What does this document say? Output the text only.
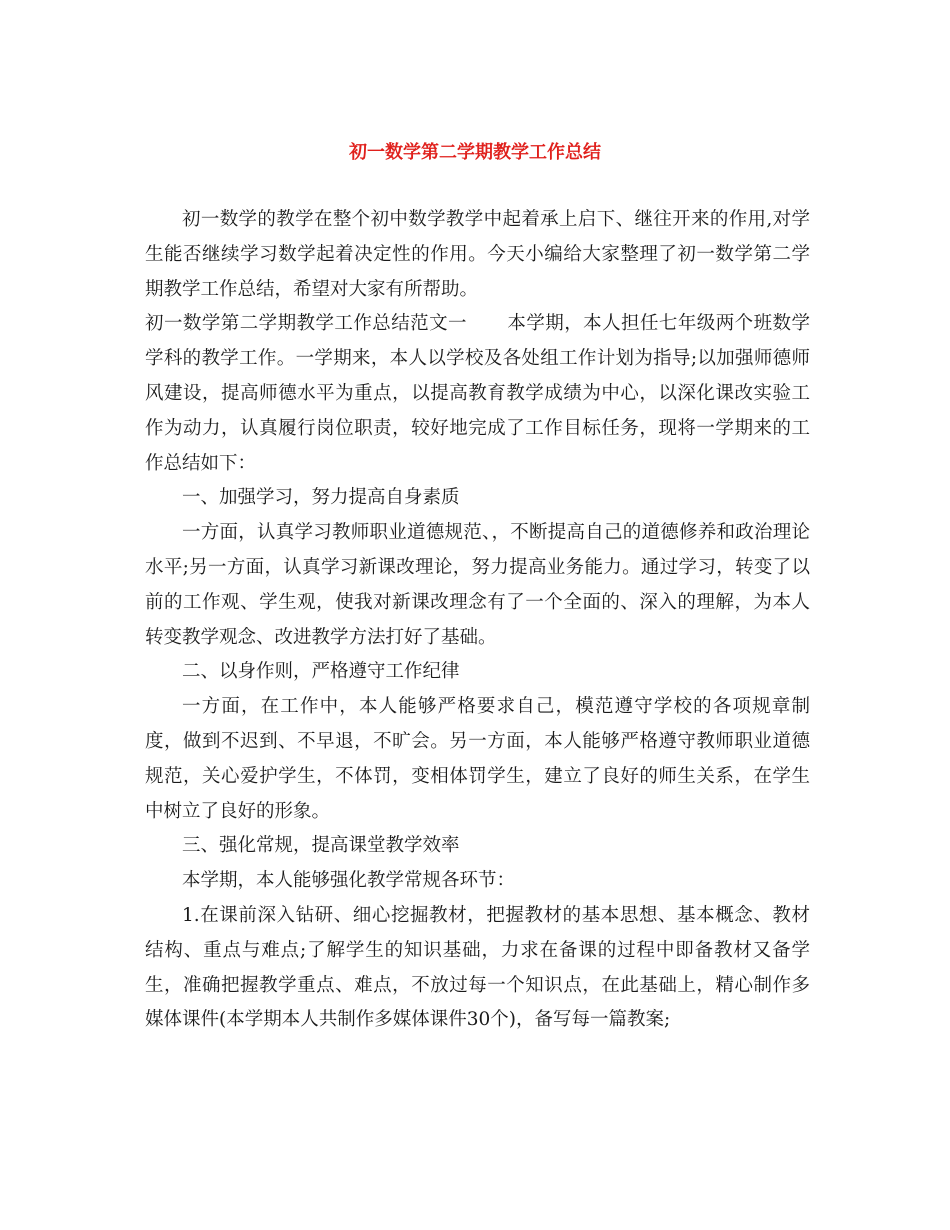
初一数学第二学期教学工作总结

初一数学的教学在整个初中数学教学中起着承上启下、继往开来的作用,对学生能否继续学习数学起着决定性的作用。今天小编给大家整理了初一数学第二学期教学工作总结，希望对大家有所帮助。

初一数学第二学期教学工作总结范文一 本学期，本人担任七年级两个班数学学科的教学工作。一学期来，本人以学校及各处组工作计划为指导;以加强师德师风建设，提高师德水平为重点，以提高教育教学成绩为中心，以深化课改实验工作为动力，认真履行岗位职责，较好地完成了工作目标任务，现将一学期来的工作总结如下：

一、加强学习，努力提高自身素质

一方面，认真学习教师职业道德规范、，不断提高自己的道德修养和政治理论水平;另一方面，认真学习新课改理论，努力提高业务能力。通过学习，转变了以前的工作观、学生观，使我对新课改理念有了一个全面的、深入的理解，为本人转变教学观念、改进教学方法打好了基础。

二、以身作则，严格遵守工作纪律

一方面，在工作中，本人能够严格要求自己，模范遵守学校的各项规章制度，做到不迟到、不早退，不旷会。另一方面，本人能够严格遵守教师职业道德规范，关心爱护学生，不体罚，变相体罚学生，建立了良好的师生关系，在学生中树立了良好的形象。

三、强化常规，提高课堂教学效率

本学期，本人能够强化教学常规各环节：

1.在课前深入钻研、细心挖掘教材，把握教材的基本思想、基本概念、教材结构、重点与难点;了解学生的知识基础，力求在备课的过程中即备教材又备学生，准确把握教学重点、难点，不放过每一个知识点，在此基础上，精心制作多媒体课件(本学期本人共制作多媒体课件30个)，备写每一篇教案;
